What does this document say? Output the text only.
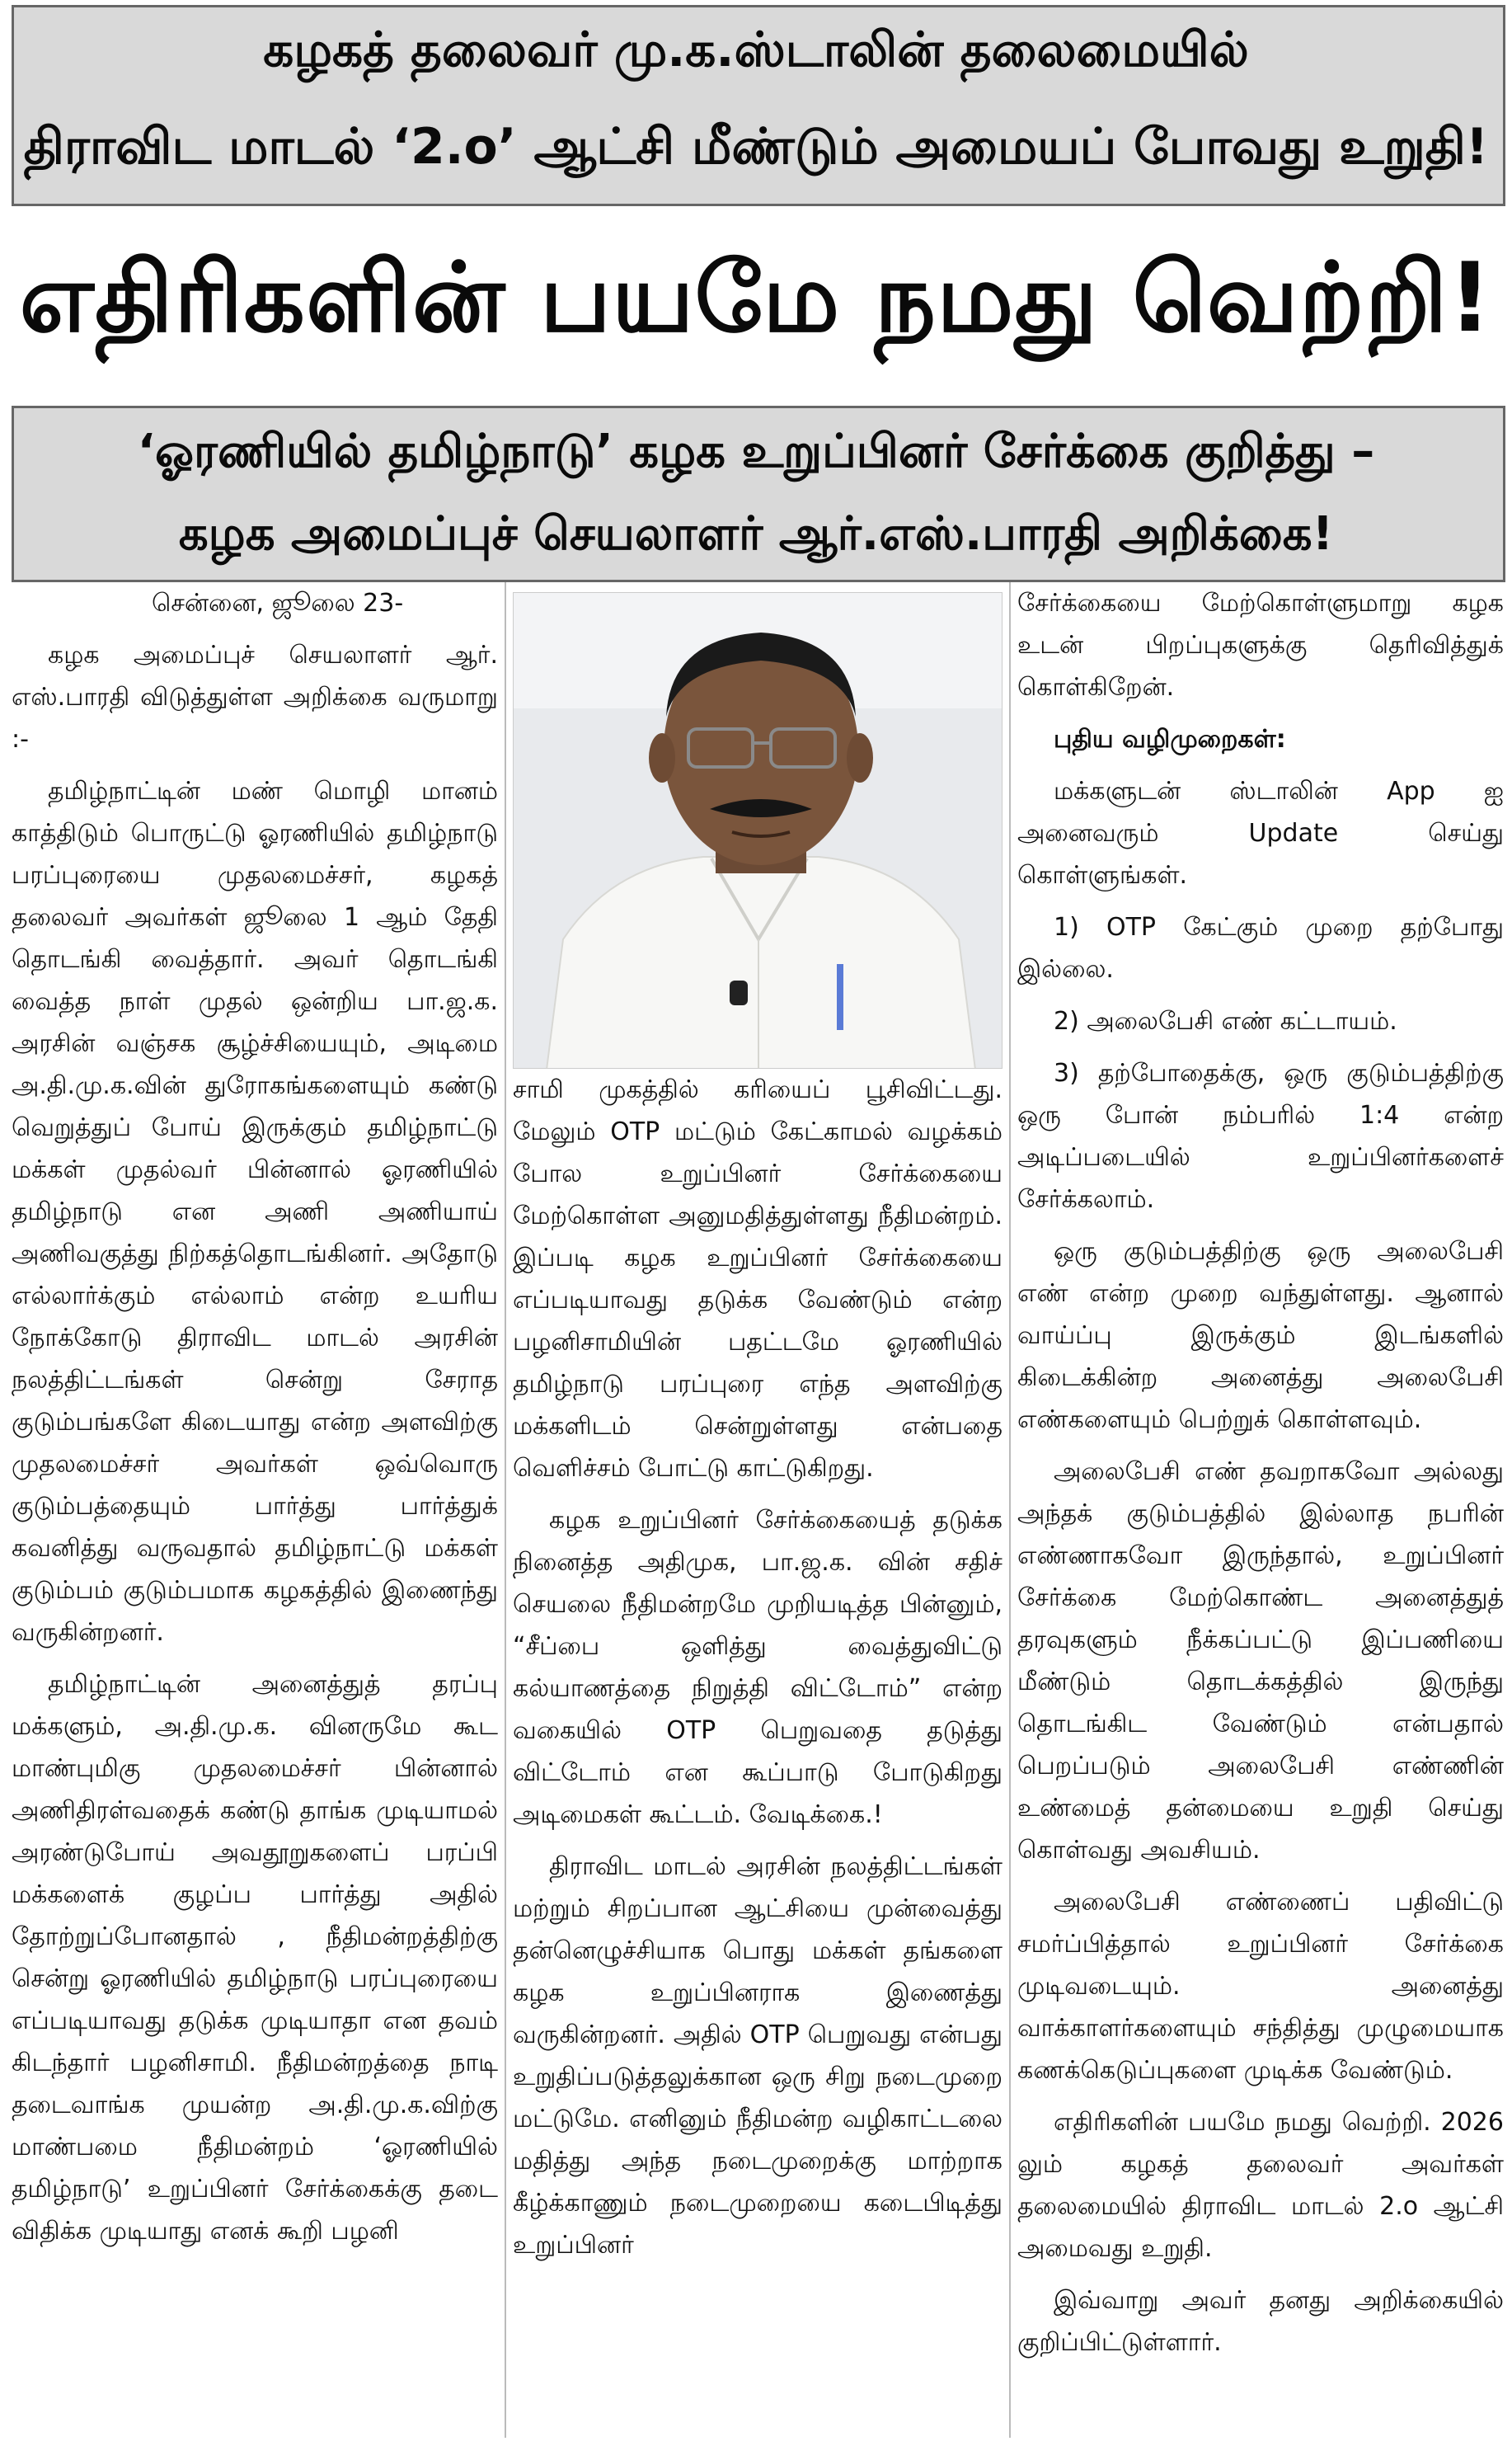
கழகத் தலைவர் மு.க.ஸ்டாலின் தலைமையில்
திராவிட மாடல் ‘2.o’ ஆட்சி மீண்டும் அமையப் போவது உறுதி!
எதிரிகளின் பயமே நமது வெற்றி!
‘ஓரணியில் தமிழ்நாடு’ கழக உறுப்பினர் சேர்க்கை குறித்து –
கழக அமைப்புச் செயலாளர் ஆர்.எஸ்.பாரதி அறிக்கை!

சென்னை, ஜூலை 23-

கழக அமைப்புச் செயலாளர் ஆர். எஸ்.பாரதி விடுத்துள்ள அறிக்கை வருமாறு :-

தமிழ்நாட்டின் மண் மொழி மானம் காத்திடும் பொருட்டு ஓரணியில் தமிழ்நாடு பரப்புரையை முதலமைச்சர், கழகத் தலைவர் அவர்கள் ஜூலை 1 ஆம் தேதி தொடங்கி வைத்தார். அவர் தொடங்கி வைத்த நாள் முதல் ஒன்றிய பா.ஜ.க. அரசின் வஞ்சக சூழ்ச்சியையும், அடிமை அ.தி.மு.க.வின் துரோகங்களையும் கண்டு வெறுத்துப் போய் இருக்கும் தமிழ்நாட்டு மக்கள் முதல்வர் பின்னால் ஓரணியில் தமிழ்நாடு என அணி அணியாய் அணிவகுத்து நிற்கத்தொடங்கினர். அதோடு எல்லார்க்கும் எல்லாம் என்ற உயரிய நோக்கோடு திராவிட மாடல் அரசின் நலத்திட்டங்கள் சென்று சேராத குடும்பங்களே கிடையாது என்ற அளவிற்கு முதலமைச்சர் அவர்கள் ஒவ்வொரு குடும்பத்தையும் பார்த்து பார்த்துக் கவனித்து வருவதால் தமிழ்நாட்டு மக்கள் குடும்பம் குடும்பமாக கழகத்தில் இணைந்து வருகின்றனர்.

தமிழ்நாட்டின் அனைத்துத் தரப்பு மக்களும், அ.தி.மு.க. வினருமே கூட மாண்புமிகு முதலமைச்சர் பின்னால் அணிதிரள்வதைக் கண்டு தாங்க முடியாமல் அரண்டுபோய் அவதூறுகளைப் பரப்பி மக்களைக் குழப்ப பார்த்து அதில் தோற்றுப்போனதால் , நீதிமன்றத்திற்கு சென்று ஓரணியில் தமிழ்நாடு பரப்புரையை எப்படியாவது தடுக்க முடியாதா என தவம் கிடந்தார் பழனிசாமி. நீதிமன்றத்தை நாடி தடைவாங்க முயன்ற அ.தி.மு.க.விற்கு மாண்பமை நீதிமன்றம் ‘ஓரணியில் தமிழ்நாடு’ உறுப்பினர் சேர்க்கைக்கு தடை விதிக்க முடியாது எனக் கூறி பழனி

சாமி முகத்தில் கரியைப் பூசிவிட்டது. மேலும் OTP மட்டும் கேட்காமல் வழக்கம் போல உறுப்பினர் சேர்க்கையை மேற்கொள்ள அனுமதித்துள்ளது நீதிமன்றம். இப்படி கழக உறுப்பினர் சேர்க்கையை எப்படியாவது தடுக்க வேண்டும் என்ற பழனிசாமியின் பதட்டமே ஓரணியில் தமிழ்நாடு பரப்புரை எந்த அளவிற்கு மக்களிடம் சென்றுள்ளது என்பதை வெளிச்சம் போட்டு காட்டுகிறது.

கழக உறுப்பினர் சேர்க்கையைத் தடுக்க நினைத்த அதிமுக, பா.ஜ.க. வின் சதிச் செயலை நீதிமன்றமே முறியடித்த பின்னும், “சீப்பை ஒளித்து வைத்துவிட்டு கல்யாணத்தை நிறுத்தி விட்டோம்” என்ற வகையில் OTP பெறுவதை தடுத்து விட்டோம் என கூப்பாடு போடுகிறது அடிமைகள் கூட்டம். வேடிக்கை.!

திராவிட மாடல் அரசின் நலத்திட்டங்கள் மற்றும் சிறப்பான ஆட்சியை முன்வைத்து தன்னெழுச்சியாக பொது மக்கள் தங்களை கழக உறுப்பினராக இணைத்து வருகின்றனர். அதில் OTP பெறுவது என்பது உறுதிப்படுத்தலுக்கான ஒரு சிறு நடைமுறை மட்டுமே. எனினும் நீதிமன்ற வழிகாட்டலை மதித்து அந்த நடைமுறைக்கு மாற்றாக கீழ்க்காணும் நடைமுறையை கடைபிடித்து உறுப்பினர்

சேர்க்கையை மேற்கொள்ளுமாறு கழக உடன் பிறப்புகளுக்கு தெரிவித்துக் கொள்கிறேன்.

புதிய வழிமுறைகள்:

மக்களுடன் ஸ்டாலின் App ஐ அனைவரும் Update செய்து கொள்ளுங்கள்.

1) OTP கேட்கும் முறை தற்போது இல்லை.

2) அலைபேசி எண் கட்டாயம்.

3) தற்போதைக்கு, ஒரு குடும்பத்திற்கு ஒரு போன் நம்பரில் 1:4 என்ற அடிப்படையில் உறுப்பினர்களைச் சேர்க்கலாம்.

ஒரு குடும்பத்திற்கு ஒரு அலைபேசி எண் என்ற முறை வந்துள்ளது. ஆனால் வாய்ப்பு இருக்கும் இடங்களில் கிடைக்கின்ற அனைத்து அலைபேசி எண்களையும் பெற்றுக் கொள்ளவும்.

அலைபேசி எண் தவறாகவோ அல்லது அந்தக் குடும்பத்தில் இல்லாத நபரின் எண்ணாகவோ இருந்தால், உறுப்பினர் சேர்க்கை மேற்கொண்ட அனைத்துத் தரவுகளும் நீக்கப்பட்டு இப்பணியை மீண்டும் தொடக்கத்தில் இருந்து தொடங்கிட வேண்டும் என்பதால் பெறப்படும் அலைபேசி எண்ணின் உண்மைத் தன்மையை உறுதி செய்து கொள்வது அவசியம்.

அலைபேசி எண்ணைப் பதிவிட்டு சமர்ப்பித்தால் உறுப்பினர் சேர்க்கை முடிவடையும். அனைத்து வாக்காளர்களையும் சந்தித்து முழுமையாக கணக்கெடுப்புகளை முடிக்க வேண்டும்.

எதிரிகளின் பயமே நமது வெற்றி. 2026 லும் கழகத் தலைவர் அவர்கள் தலைமையில் திராவிட மாடல் 2.o ஆட்சி அமைவது உறுதி.

இவ்வாறு அவர் தனது அறிக்கையில் குறிப்பிட்டுள்ளார்.
